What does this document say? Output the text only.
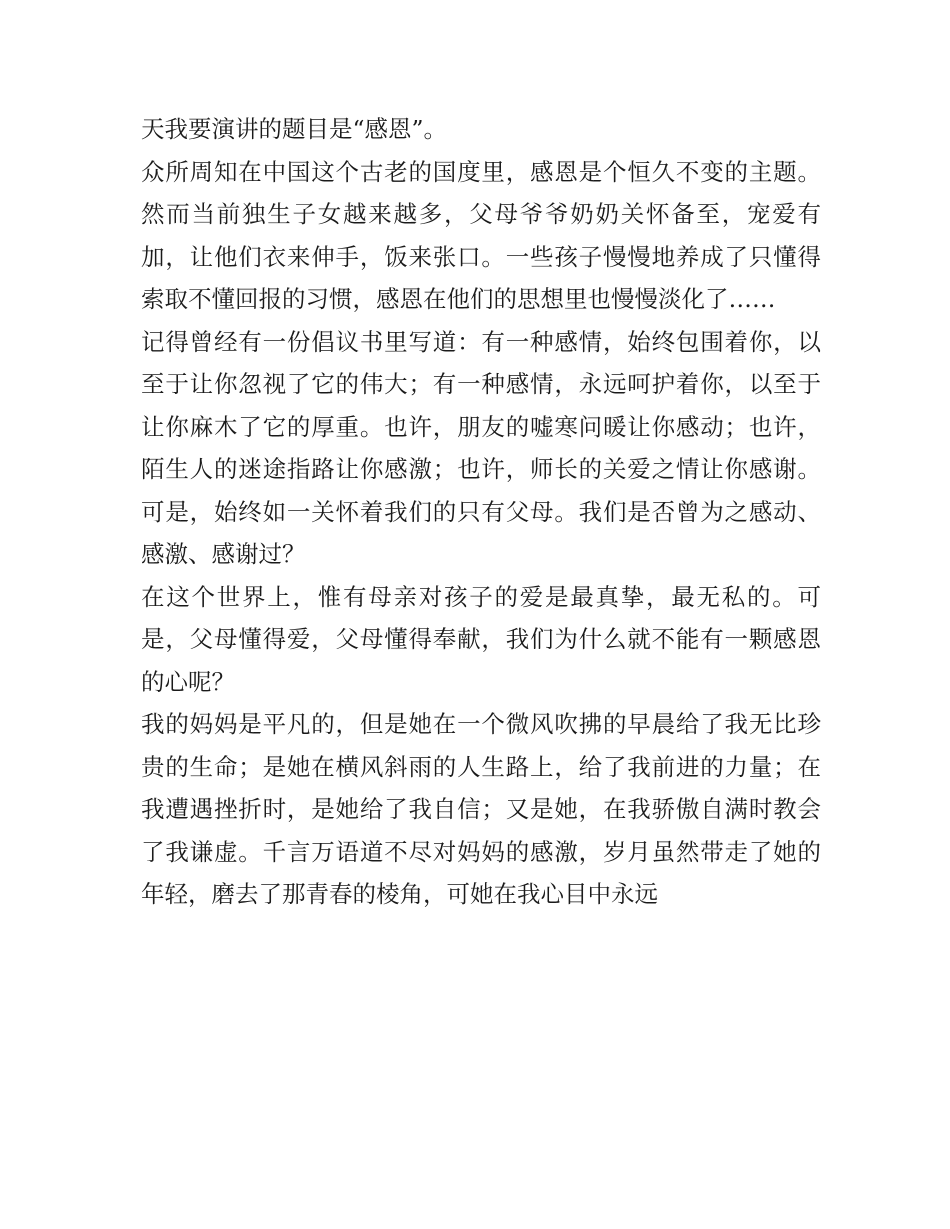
天我要演讲的题目是“感恩”。

众所周知在中国这个古老的国度里，感恩是个恒久不变的主题。然而当前独生子女越来越多，父母爷爷奶奶关怀备至，宠爱有加，让他们衣来伸手，饭来张口。一些孩子慢慢地养成了只懂得索取不懂回报的习惯，感恩在他们的思想里也慢慢淡化了……

记得曾经有一份倡议书里写道：有一种感情，始终包围着你，以至于让你忽视了它的伟大；有一种感情，永远呵护着你，以至于让你麻木了它的厚重。也许，朋友的嘘寒问暖让你感动；也许，陌生人的迷途指路让你感激；也许，师长的关爱之情让你感谢。可是，始终如一关怀着我们的只有父母。我们是否曾为之感动、感激、感谢过？

在这个世界上，惟有母亲对孩子的爱是最真挚，最无私的。可是，父母懂得爱，父母懂得奉献，我们为什么就不能有一颗感恩的心呢？

我的妈妈是平凡的，但是她在一个微风吹拂的早晨给了我无比珍贵的生命；是她在横风斜雨的人生路上，给了我前进的力量；在我遭遇挫折时，是她给了我自信；又是她，在我骄傲自满时教会了我谦虚。千言万语道不尽对妈妈的感激，岁月虽然带走了她的年轻，磨去了那青春的棱角，可她在我心目中永远
